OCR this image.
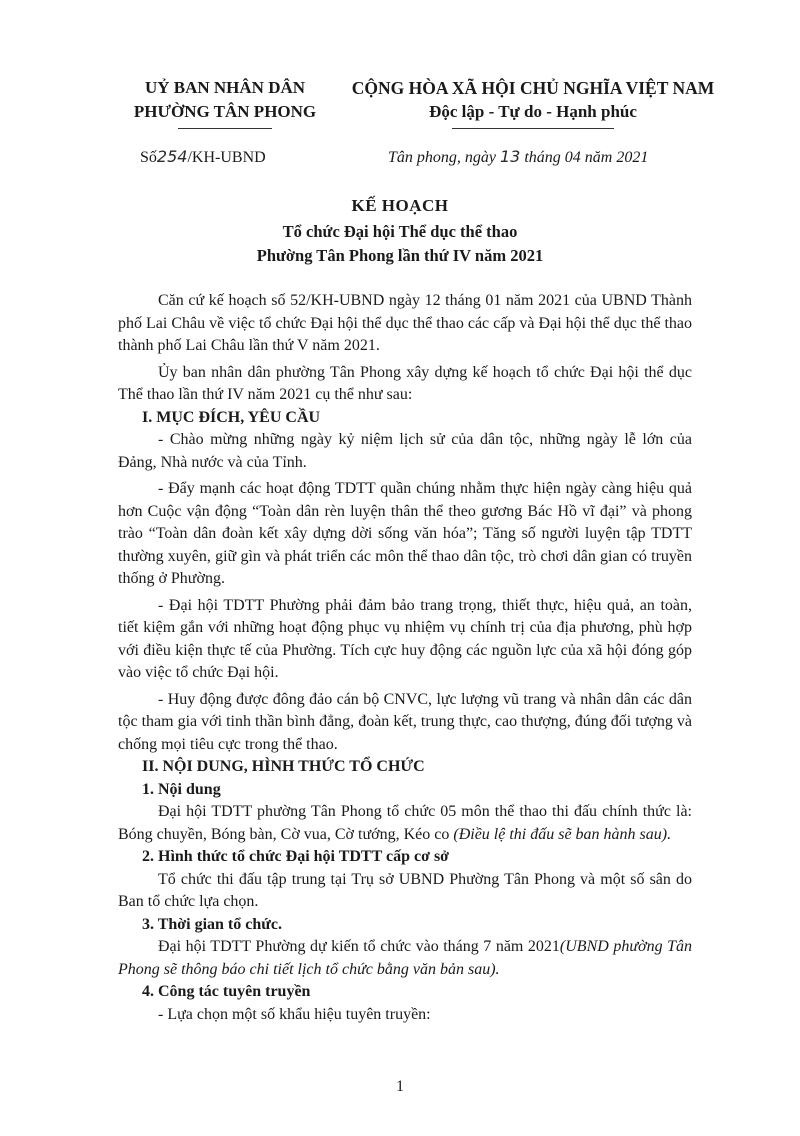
UỶ BAN NHÂN DÂN
PHƯỜNG TÂN PHONG
CỘNG HÒA XÃ HỘI CHỦ NGHĨA VIỆT NAM
Độc lập - Tự do - Hạnh phúc
Số254/KH-UBND	Tân phong, ngày 13 tháng 04 năm 2021
KẾ HOẠCH
Tổ chức Đại hội Thể dục thể thao
Phường Tân Phong lần thứ IV năm 2021

Căn cứ kế hoạch số 52/KH-UBND ngày 12 tháng 01 năm 2021 của UBND Thành phố Lai Châu về việc tổ chức Đại hội thể dục thể thao các cấp và Đại hội thể dục thể thao thành phố Lai Châu lần thứ V năm 2021.

Ủy ban nhân dân phường Tân Phong xây dựng kế hoạch tổ chức Đại hội thể dục Thể thao lần thứ IV năm 2021 cụ thể như sau:

I. MỤC ĐÍCH, YÊU CẦU

- Chào mừng những ngày kỷ niệm lịch sử của dân tộc, những ngày lễ lớn của Đảng, Nhà nước và của Tỉnh.

- Đẩy mạnh các hoạt động TDTT quần chúng nhằm thực hiện ngày càng hiệu quả hơn Cuộc vận động “Toàn dân rèn luyện thân thể theo gương Bác Hồ vĩ đại” và phong trào “Toàn dân đoàn kết xây dựng dời sống văn hóa”; Tăng số người luyện tập TDTT thường xuyên, giữ gìn và phát triển các môn thể thao dân tộc, trò chơi dân gian có truyền thống ở Phường.

- Đại hội TDTT Phường phải đảm bảo trang trọng, thiết thực, hiệu quả, an toàn, tiết kiệm gắn với những hoạt động phục vụ nhiệm vụ chính trị của địa phương, phù hợp với điều kiện thực tế của Phường. Tích cực huy động các nguồn lực của xã hội đóng góp vào việc tổ chức Đại hội.

- Huy động được đông đảo cán bộ CNVC, lực lượng vũ trang và nhân dân các dân tộc tham gia với tinh thần bình đẳng, đoàn kết, trung thực, cao thượng, đúng đối tượng và chống mọi tiêu cực trong thể thao.

II. NỘI DUNG, HÌNH THỨC TỔ CHỨC

1. Nội dung

Đại hội TDTT phường Tân Phong tổ chức 05 môn thể thao thi đấu chính thức là: Bóng chuyền, Bóng bàn, Cờ vua, Cờ tướng, Kéo co (Điều lệ thi đấu sẽ ban hành sau).

2. Hình thức tổ chức Đại hội TDTT cấp cơ sở

Tổ chức thi đấu tập trung tại Trụ sở UBND Phường Tân Phong và một số sân do Ban tổ chức lựa chọn.

3. Thời gian tổ chức.

Đại hội TDTT Phường dự kiến tổ chức vào tháng 7 năm 2021(UBND phường Tân Phong sẽ thông báo chi tiết lịch tổ chức bằng văn bản sau).

4. Công tác tuyên truyền

- Lựa chọn một số khẩu hiệu tuyên truyền:

1
